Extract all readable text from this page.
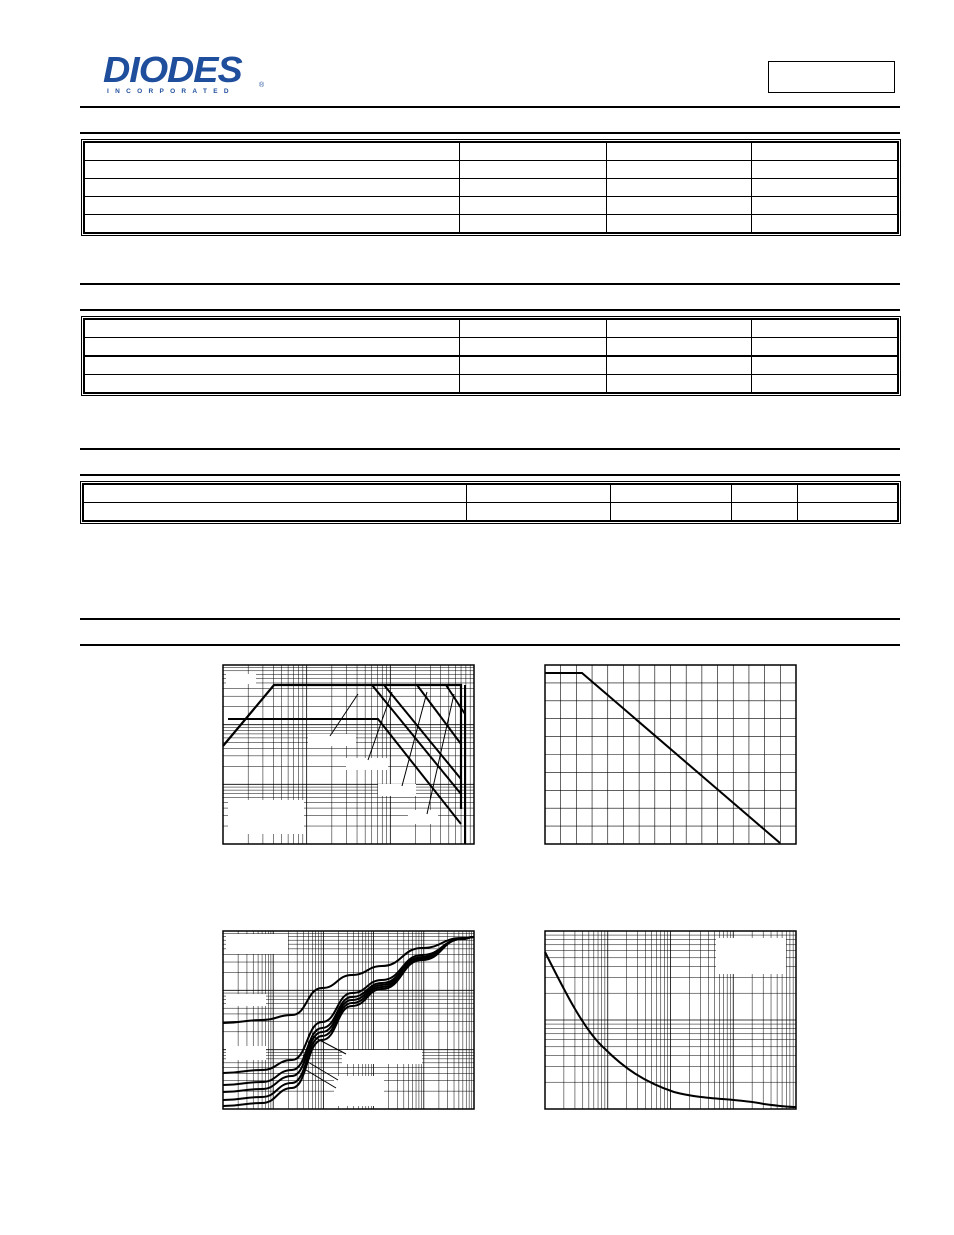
DIODES
INCORPORATED
®
